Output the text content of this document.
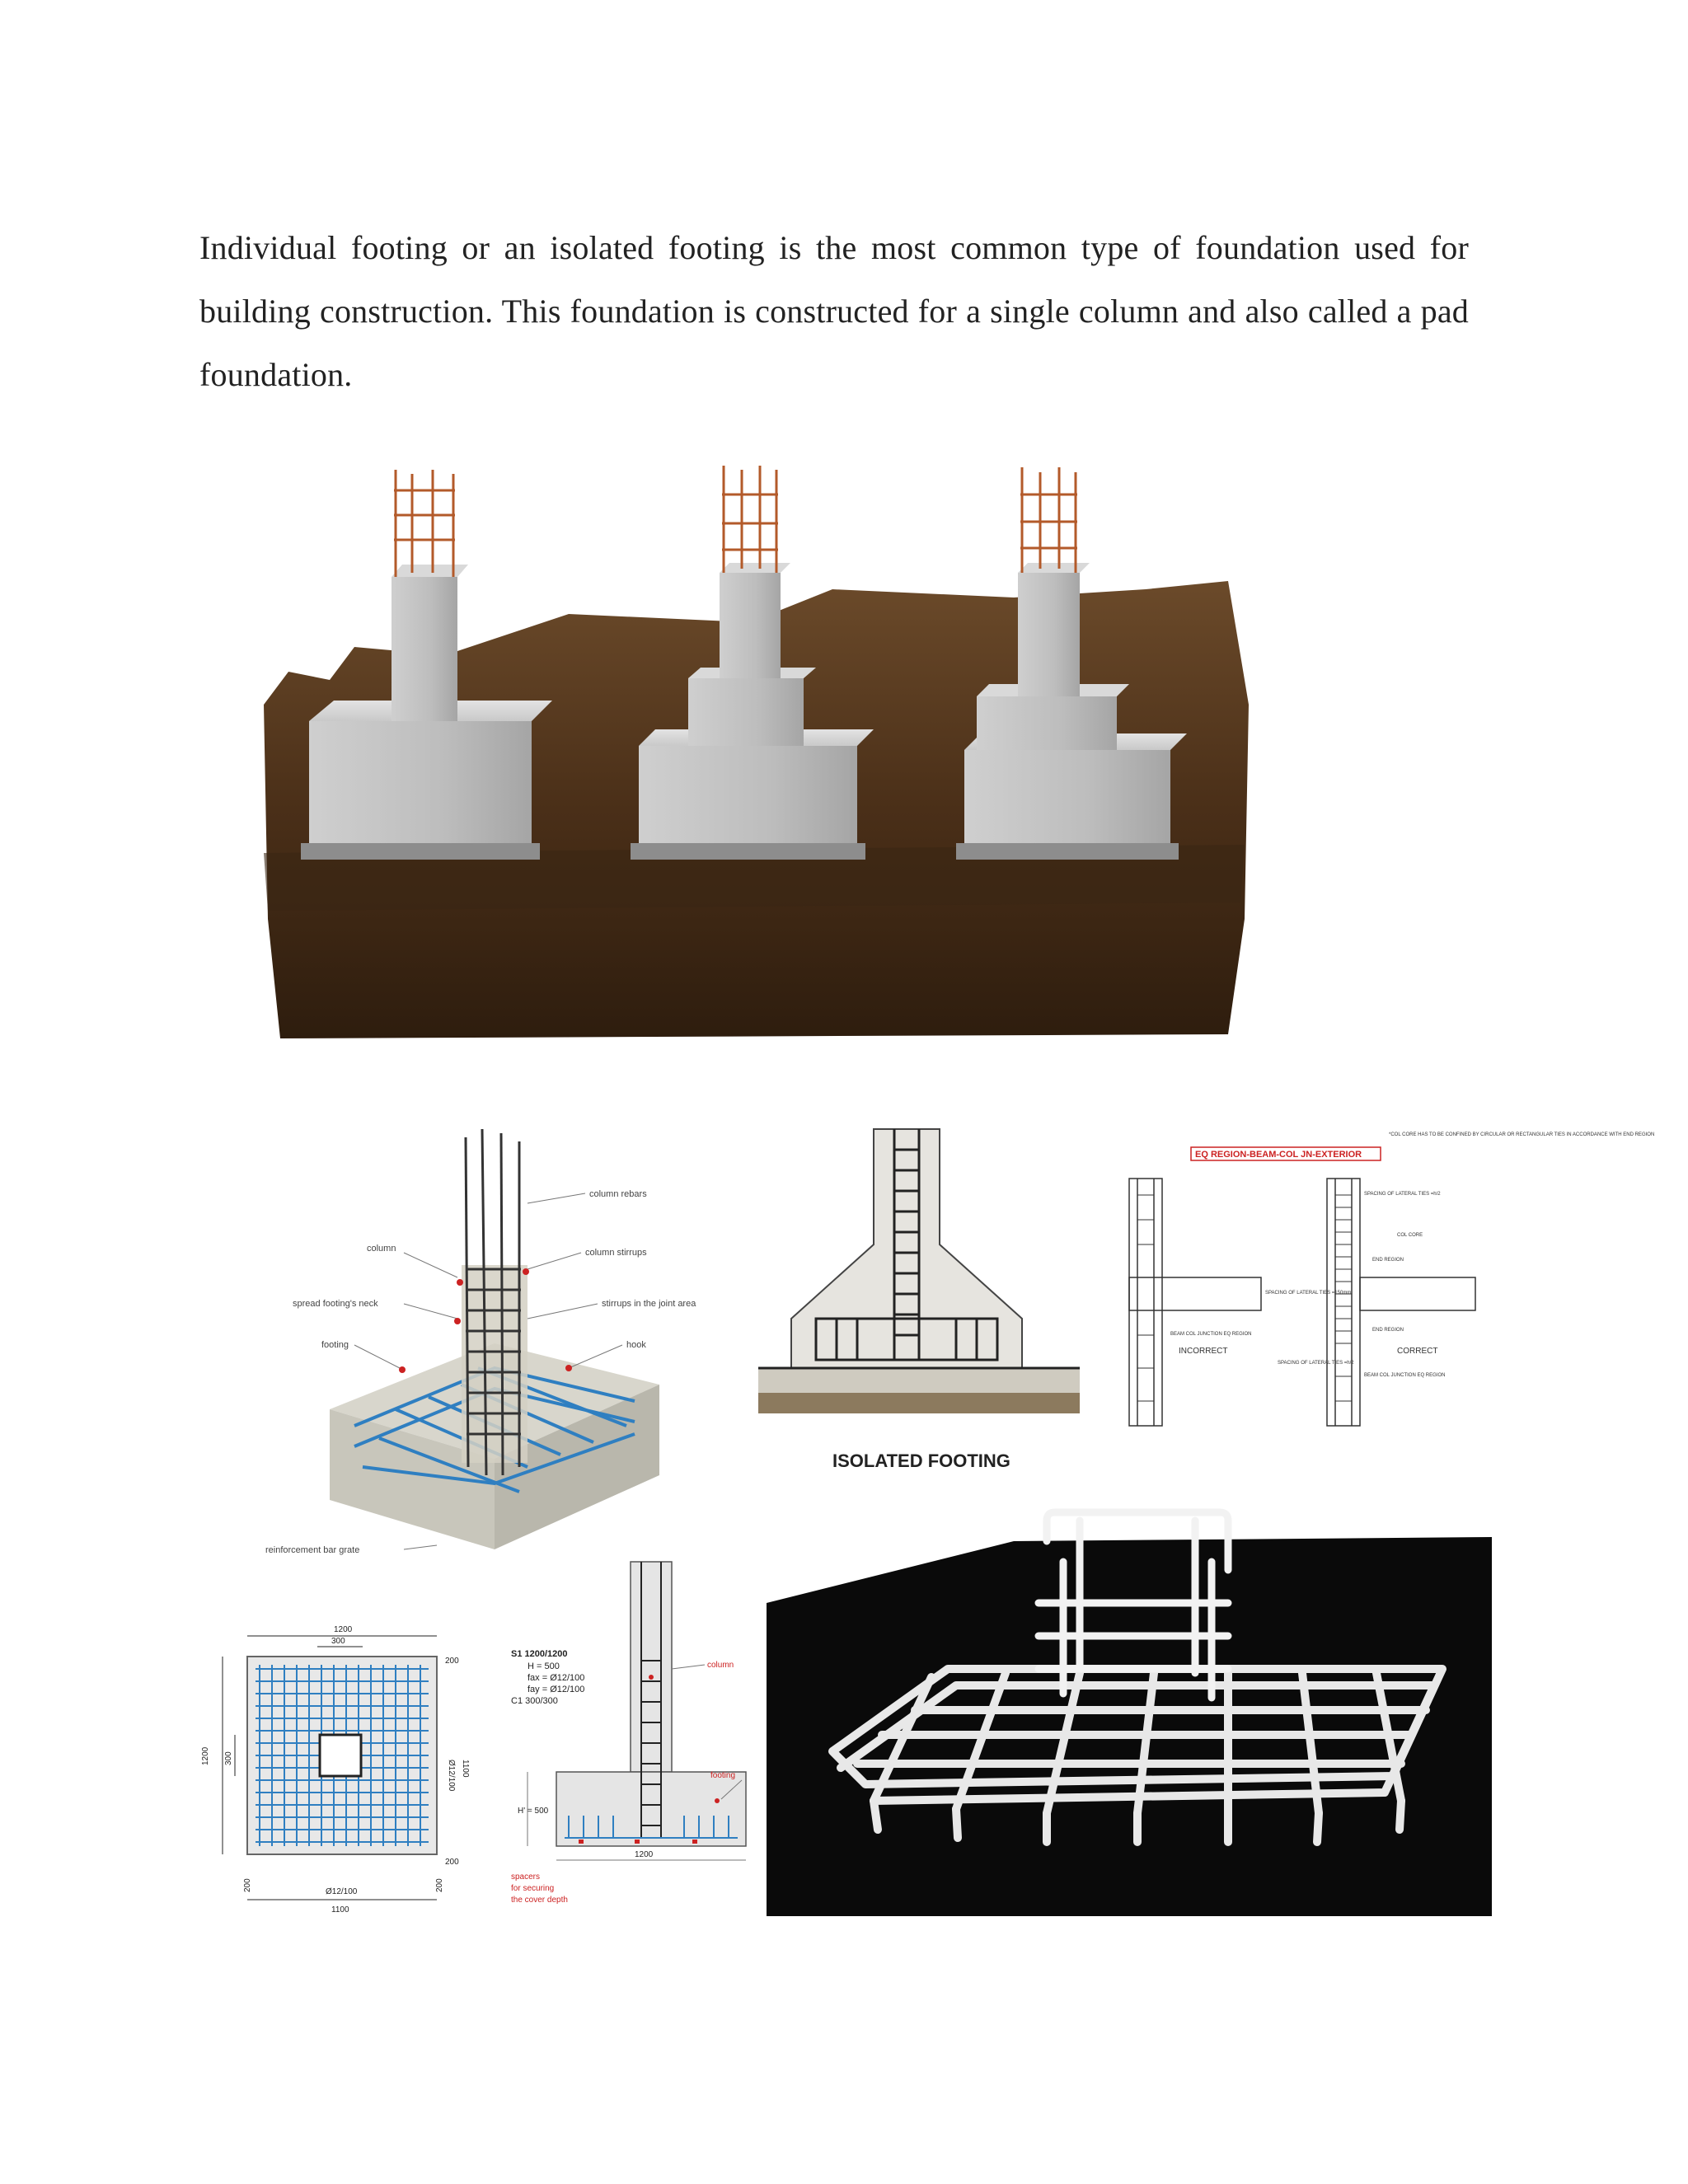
Individual footing or an isolated footing is the most common type of foundation used for building construction. This foundation is constructed for a single column and also called a pad foundation.
column rebars
column	column stirrups
spread footing's neck	stirrups in the joint area
footing	hook
reinforcement bar grate
ISOLATED FOOTING
EQ REGION-BEAM-COL JN-EXTERIOR
*COL CORE HAS TO BE CONFINED BY CIRCULAR OR RECTANGULAR TIES IN ACCORDANCE WITH END REGION
SPACING OF LATERAL TIES =h/2
COL CORE
END REGION
SPACING OF LATERAL TIES =150mm
END REGION
BEAM COL JUNCTION EQ REGION
INCORRECT	CORRECT
SPACING OF LATERAL TIES =h/2
BEAM COL JUNCTION EQ REGION
1200
300
1200 300
200
Ø12/100 1100
200
200	Ø12/100	200
1100
S1 1200/1200
H = 500
fax = Ø12/100
fay = Ø12/100
C1 300/300
column
footing
spacers
for securing
the cover depth
H' = 500
1200
